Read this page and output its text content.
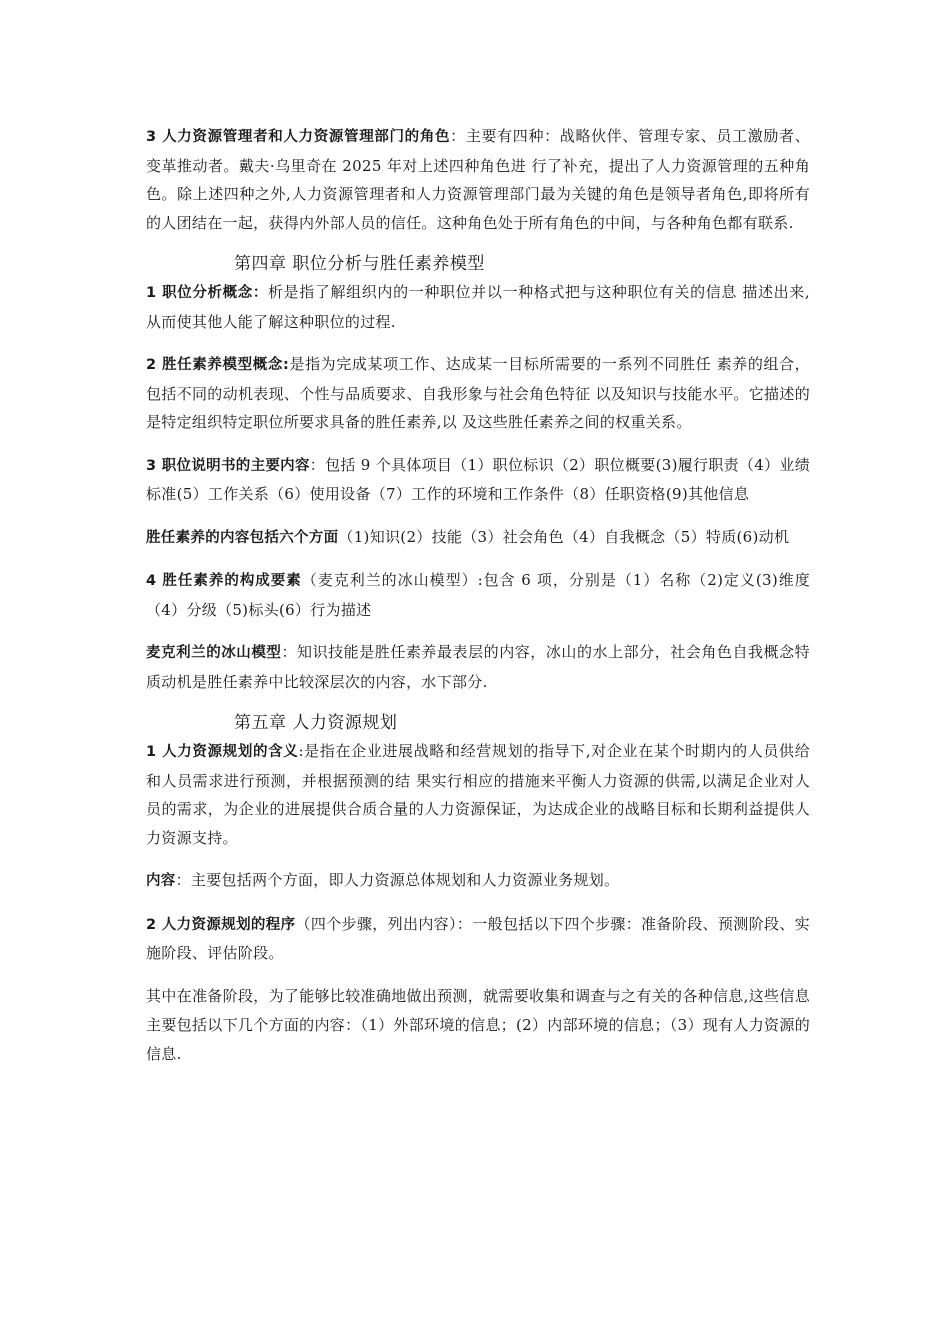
3 人力资源管理者和人力资源管理部门的角色：主要有四种：战略伙伴、管理专家、员工激励者、变革推动者。戴夫·乌里奇在 2025 年对上述四种角色进 行了补充，提出了人力资源管理的五种角色。除上述四种之外,人力资源管理者和人力资源管理部门最为关键的角色是领导者角色,即将所有的人团结在一起，获得内外部人员的信任。这种角色处于所有角色的中间，与各种角色都有联系.

第四章 职位分析与胜任素养模型

1 职位分析概念：析是指了解组织内的一种职位并以一种格式把与这种职位有关的信息 描述出来,从而使其他人能了解这种职位的过程.

2 胜任素养模型概念:是指为完成某项工作、达成某一目标所需要的一系列不同胜任 素养的组合，包括不同的动机表现、个性与品质要求、自我形象与社会角色特征 以及知识与技能水平。它描述的是特定组织特定职位所要求具备的胜任素养,以 及这些胜任素养之间的权重关系。

3 职位说明书的主要内容：包括 9 个具体项目（1）职位标识（2）职位概要(3)履行职责（4）业绩标准(5）工作关系（6）使用设备（7）工作的环境和工作条件（8）任职资格(9)其他信息

胜任素养的内容包括六个方面（1)知识(2）技能（3）社会角色（4）自我概念（5）特质(6)动机

4 胜任素养的构成要素（麦克利兰的冰山模型）:包含 6 项，分别是（1）名称（2)定义(3)维度（4）分级（5)标头(6）行为描述

麦克利兰的冰山模型：知识技能是胜任素养最表层的内容，冰山的水上部分，社会角色自我概念特质动机是胜任素养中比较深层次的内容，水下部分.

第五章 人力资源规划

1 人力资源规划的含义:是指在企业进展战略和经营规划的指导下,对企业在某个时期内的人员供给和人员需求进行预测，并根据预测的结 果实行相应的措施来平衡人力资源的供需,以满足企业对人员的需求，为企业的进展提供合质合量的人力资源保证，为达成企业的战略目标和长期利益提供人力资源支持。

内容：主要包括两个方面，即人力资源总体规划和人力资源业务规划。

2 人力资源规划的程序（四个步骤，列出内容）：一般包括以下四个步骤：准备阶段、预测阶段、实施阶段、评估阶段。

其中在准备阶段，为了能够比较准确地做出预测，就需要收集和调查与之有关的各种信息,这些信息主要包括以下几个方面的内容：（1）外部环境的信息；(2）内部环境的信息；（3）现有人力资源的信息.
